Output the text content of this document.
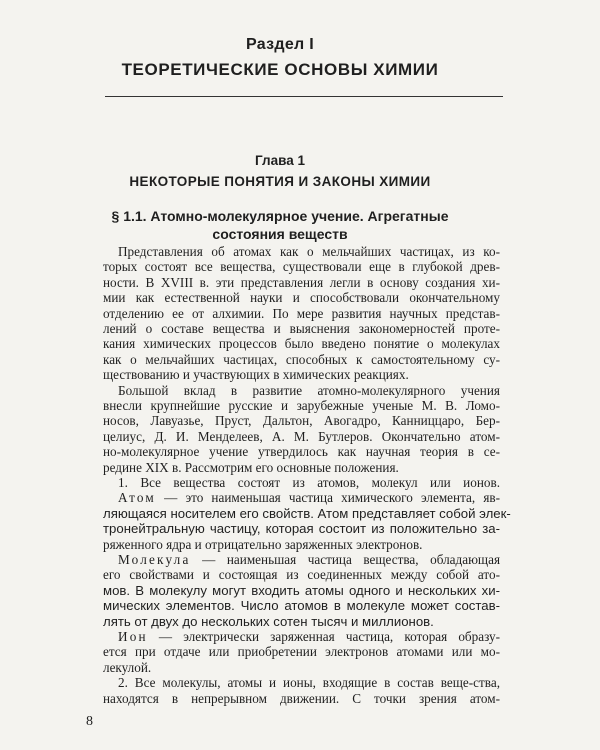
Раздел I
ТЕОРЕТИЧЕСКИЕ ОСНОВЫ ХИМИИ
Глава 1
НЕКОТОРЫЕ ПОНЯТИЯ И ЗАКОНЫ ХИМИИ
§ 1.1. Атомно-молекулярное учение. Агрегатные
состояния веществ
Представления об атомах как о мельчайших частицах, из ко-
торых состоят все вещества, существовали еще в глубокой древ-
ности. В XVIII в. эти представления легли в основу создания хи-
мии как естественной науки и способствовали окончательному
отделению ее от алхимии. По мере развития научных представ-
лений о составе вещества и выяснения закономерностей проте-
кания химических процессов было введено понятие о молекулах
как о мельчайших частицах, способных к самостоятельному су-
ществованию и участвующих в химических реакциях.
Большой вклад в развитие атомно-молекулярного учения
внесли крупнейшие русские и зарубежные ученые М. В. Ломо-
носов, Лавуазье, Пруст, Дальтон, Авогадро, Канниццаро, Бер-
целиус, Д. И. Менделеев, А. М. Бутлеров. Окончательно атом-
но-молекулярное учение утвердилось как научная теория в се-
редине XIX в. Рассмотрим его основные положения.
1. Все вещества состоят из атомов, молекул или ионов.
Атом — это наименьшая частица химического элемента, яв-
ляющаяся носителем его свойств. Атом представляет собой элек-
тронейтральную частицу, которая состоит из положительно за-
ряженного ядра и отрицательно заряженных электронов.
Молекула — наименьшая частица вещества, обладающая
его свойствами и состоящая из соединенных между собой ато-
мов. В молекулу могут входить атомы одного и нескольких хи-
мических элементов. Число атомов в молекуле может состав-
лять от двух до нескольких сотен тысяч и миллионов.
Ион — электрически заряженная частица, которая образу-
ется при отдаче или приобретении электронов атомами или мо-
лекулой.
2. Все молекулы, атомы и ионы, входящие в состав веще-ства,
находятся в непрерывном движении. С точки зрения атом-
8
